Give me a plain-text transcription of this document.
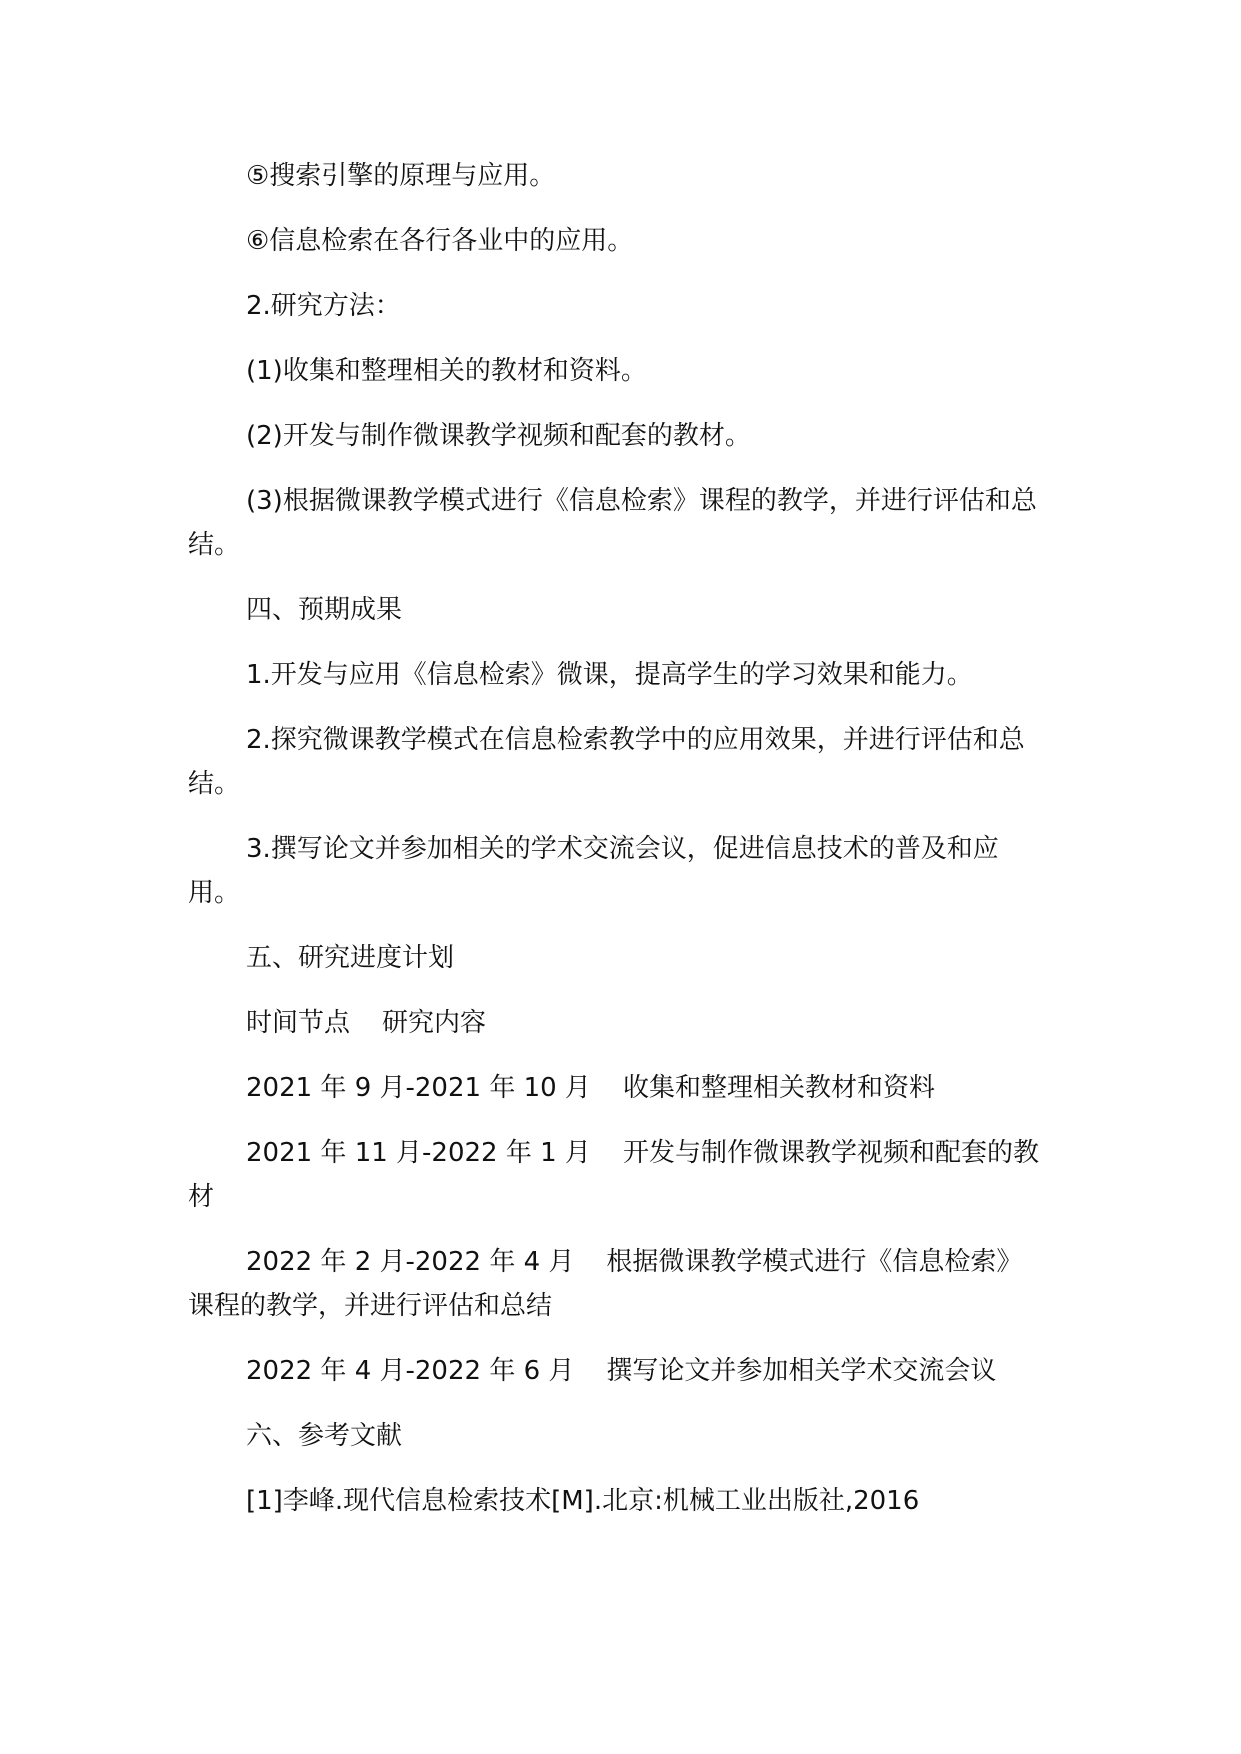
⑤搜索引擎的原理与应用。

⑥信息检索在各行各业中的应用。

2.研究方法：

(1)收集和整理相关的教材和资料。

(2)开发与制作微课教学视频和配套的教材。

(3)根据微课教学模式进行《信息检索》课程的教学，并进行评估和总结。

四、预期成果

1.开发与应用《信息检索》微课，提高学生的学习效果和能力。

2.探究微课教学模式在信息检索教学中的应用效果，并进行评估和总结。

3.撰写论文并参加相关的学术交流会议，促进信息技术的普及和应用。

五、研究进度计划

时间节点 研究内容

2021 年 9 月-2021 年 10 月 收集和整理相关教材和资料

2021 年 11 月-2022 年 1 月 开发与制作微课教学视频和配套的教材

2022 年 2 月-2022 年 4 月 根据微课教学模式进行《信息检索》课程的教学，并进行评估和总结

2022 年 4 月-2022 年 6 月 撰写论文并参加相关学术交流会议

六、参考文献

[1]李峰.现代信息检索技术[M].北京:机械工业出版社,2016
